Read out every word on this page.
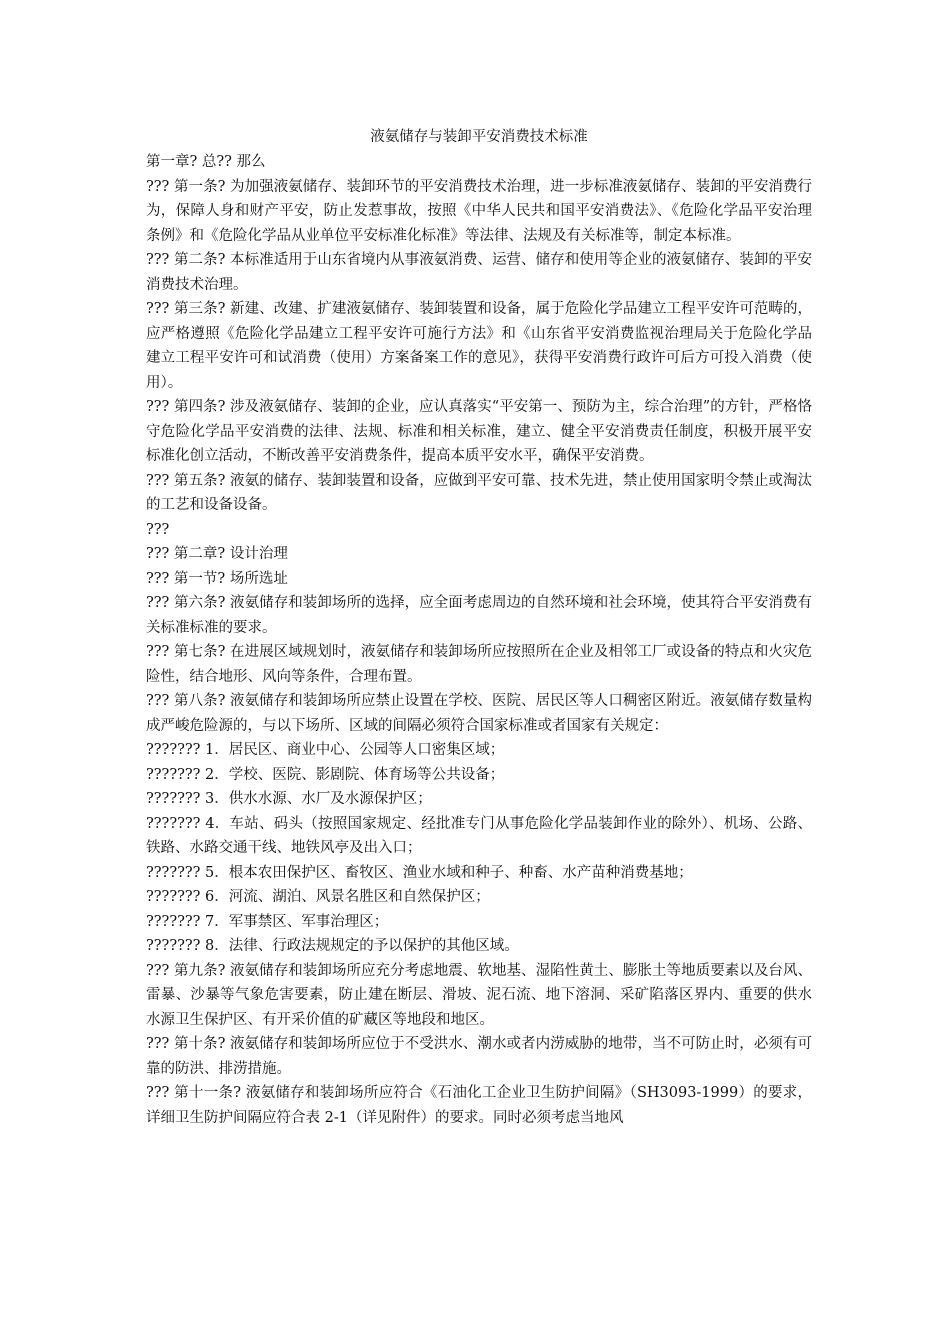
液氨储存与装卸平安消费技术标准

第一章? 总?? 那么

??? 第一条? 为加强液氨储存、装卸环节的平安消费技术治理，进一步标准液氨储存、装卸的平安消费行为，保障人身和财产平安，防止发惹事故，按照《中华人民共和国平安消费法》、《危险化学品平安治理条例》和《危险化学品从业单位平安标准化标准》等法律、法规及有关标准等，制定本标准。

??? 第二条? 本标准适用于山东省境内从事液氨消费、运营、储存和使用等企业的液氨储存、装卸的平安消费技术治理。

??? 第三条? 新建、改建、扩建液氨储存、装卸装置和设备，属于危险化学品建立工程平安许可范畴的，应严格遵照《危险化学品建立工程平安许可施行方法》和《山东省平安消费监视治理局关于危险化学品建立工程平安许可和试消费（使用）方案备案工作的意见》，获得平安消费行政许可后方可投入消费（使用）。

??? 第四条? 涉及液氨储存、装卸的企业，应认真落实“平安第一、预防为主，综合治理”的方针，严格恪守危险化学品平安消费的法律、法规、标准和相关标准，建立、健全平安消费责任制度，积极开展平安标准化创立活动，不断改善平安消费条件，提高本质平安水平，确保平安消费。

??? 第五条? 液氨的储存、装卸装置和设备，应做到平安可靠、技术先进，禁止使用国家明令禁止或淘汰的工艺和设备设备。

???

??? 第二章? 设计治理

??? 第一节? 场所选址

??? 第六条? 液氨储存和装卸场所的选择，应全面考虑周边的自然环境和社会环境，使其符合平安消费有关标准标准的要求。

??? 第七条? 在进展区域规划时，液氨储存和装卸场所应按照所在企业及相邻工厂或设备的特点和火灾危险性，结合地形、风向等条件，合理布置。

??? 第八条? 液氨储存和装卸场所应禁止设置在学校、医院、居民区等人口稠密区附近。液氨储存数量构成严峻危险源的，与以下场所、区域的间隔必须符合国家标准或者国家有关规定：

??????? 1．居民区、商业中心、公园等人口密集区域；

??????? 2．学校、医院、影剧院、体育场等公共设备；

??????? 3．供水水源、水厂及水源保护区；

??????? 4．车站、码头（按照国家规定、经批准专门从事危险化学品装卸作业的除外）、机场、公路、铁路、水路交通干线、地铁风亭及出入口；

??????? 5．根本农田保护区、畜牧区、渔业水域和种子、种畜、水产苗种消费基地；

??????? 6．河流、湖泊、风景名胜区和自然保护区；

??????? 7．军事禁区、军事治理区；

??????? 8．法律、行政法规规定的予以保护的其他区域。

??? 第九条? 液氨储存和装卸场所应充分考虑地震、软地基、湿陷性黄土、膨胀土等地质要素以及台风、雷暴、沙暴等气象危害要素，防止建在断层、滑坡、泥石流、地下溶洞、采矿陷落区界内、重要的供水水源卫生保护区、有开采价值的矿藏区等地段和地区。

??? 第十条? 液氨储存和装卸场所应位于不受洪水、潮水或者内涝威胁的地带，当不可防止时，必须有可靠的防洪、排涝措施。

??? 第十一条? 液氨储存和装卸场所应符合《石油化工企业卫生防护间隔》（SH3093-1999）的要求，详细卫生防护间隔应符合表 2-1（详见附件）的要求。同时必须考虑当地风
